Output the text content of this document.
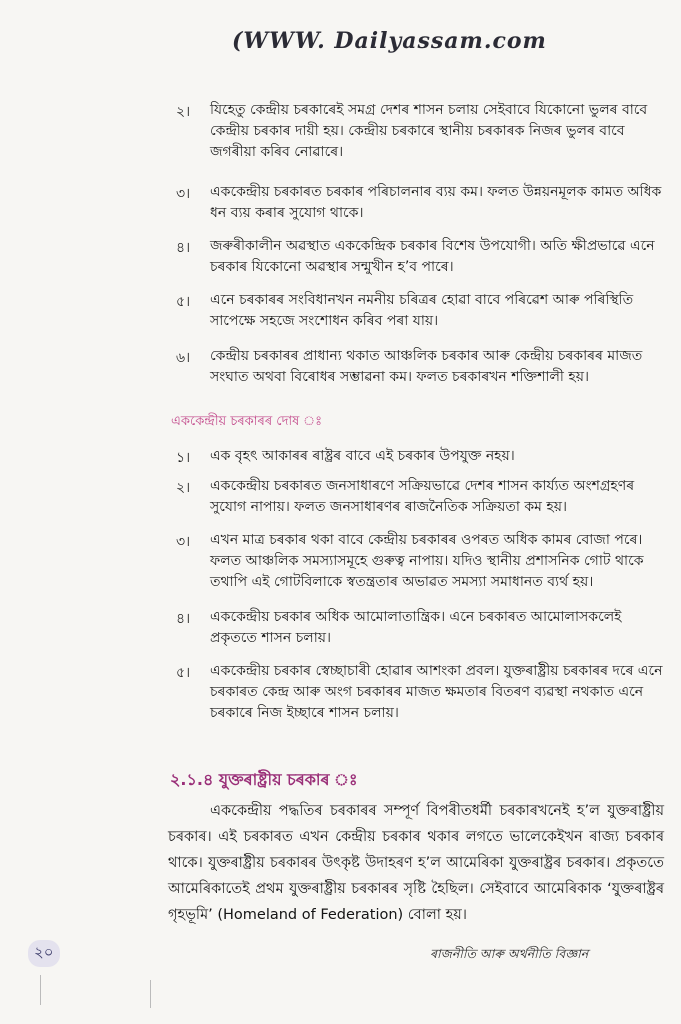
(WWW. Dailyassam.com
২। যিহেতু কেন্দ্ৰীয় চৰকাৰেই সমগ্ৰ দেশৰ শাসন চলায় সেইবাবে যিকোনো ভুলৰ বাবে কেন্দ্ৰীয় চৰকাৰ দায়ী হয়। কেন্দ্ৰীয় চৰকাৰে স্থানীয় চৰকাৰক নিজৰ ভুলৰ বাবে জগৰীয়া কৰিব নোৱাৰে।
৩। এককেন্দ্ৰীয় চৰকাৰত চৰকাৰ পৰিচালনাৰ ব্যয় কম। ফলত উন্নয়নমূলক কামত অধিক ধন ব্যয় কৰাৰ সুযোগ থাকে।
৪। জৰুৰীকালীন অৱস্থাত এককেন্দ্ৰিক চৰকাৰ বিশেষ উপযোগী। অতি ক্ষীপ্ৰভাৱে এনে চৰকাৰ যিকোনো অৱস্থাৰ সন্মুখীন হ’ব পাৰে।
৫। এনে চৰকাৰৰ সংবিধানখন নমনীয় চৰিত্ৰৰ হোৱা বাবে পৰিৱেশ আৰু পৰিস্থিতি সাপেক্ষে সহজে সংশোধন কৰিব পৰা যায়।
৬। কেন্দ্ৰীয় চৰকাৰৰ প্ৰাধান্য থকাত আঞ্চলিক চৰকাৰ আৰু কেন্দ্ৰীয় চৰকাৰৰ মাজত সংঘাত অথবা বিৰোধৰ সম্ভাৱনা কম। ফলত চৰকাৰখন শক্তিশালী হয়।
এককেন্দ্ৰীয় চৰকাৰৰ দোষ ঃ
১। এক বৃহৎ আকাৰৰ ৰাষ্ট্ৰৰ বাবে এই চৰকাৰ উপযুক্ত নহয়।
২। এককেন্দ্ৰীয় চৰকাৰত জনসাধাৰণে সক্ৰিয়ভাৱে দেশৰ শাসন কাৰ্য্যত অংশগ্ৰহণৰ সুযোগ নাপায়। ফলত জনসাধাৰণৰ ৰাজনৈতিক সক্ৰিয়তা কম হয়।
৩। এখন মাত্ৰ চৰকাৰ থকা বাবে কেন্দ্ৰীয় চৰকাৰৰ ওপৰত অধিক কামৰ বোজা পৰে। ফলত আঞ্চলিক সমস্যাসমূহে গুৰুত্ব নাপায়। যদিও স্থানীয় প্ৰশাসনিক গোট থাকে তথাপি এই গোটবিলাকে স্বতন্ত্ৰতাৰ অভাৱত সমস্যা সমাধানত ব্যৰ্থ হয়।
৪। এককেন্দ্ৰীয় চৰকাৰ অধিক আমোলাতান্ত্ৰিক। এনে চৰকাৰত আমোলাসকলেই প্ৰকৃততে শাসন চলায়।
৫। এককেন্দ্ৰীয় চৰকাৰ স্বেচ্ছাচাৰী হোৱাৰ আশংকা প্ৰবল। যুক্তৰাষ্ট্ৰীয় চৰকাৰৰ দৰে এনে চৰকাৰত কেন্দ্ৰ আৰু অংগ চৰকাৰৰ মাজত ক্ষমতাৰ বিতৰণ ব্যৱস্থা নথকাত এনে চৰকাৰে নিজ ইচ্ছাৰে শাসন চলায়।
২.১.৪ যুক্তৰাষ্ট্ৰীয় চৰকাৰ ঃ
এককেন্দ্ৰীয় পদ্ধতিৰ চৰকাৰৰ সম্পূৰ্ণ বিপৰীতধৰ্মী চৰকাৰখনেই হ’ল যুক্তৰাষ্ট্ৰীয় চৰকাৰ। এই চৰকাৰত এখন কেন্দ্ৰীয় চৰকাৰ থকাৰ লগতে ভালেকেইখন ৰাজ্য চৰকাৰ থাকে। যুক্তৰাষ্ট্ৰীয় চৰকাৰৰ উৎকৃষ্ট উদাহৰণ হ’ল আমেৰিকা যুক্তৰাষ্ট্ৰৰ চৰকাৰ। প্ৰকৃততে আমেৰিকাতেই প্ৰথম যুক্তৰাষ্ট্ৰীয় চৰকাৰৰ সৃষ্টি হৈছিল। সেইবাবে আমেৰিকাক ‘যুক্তৰাষ্ট্ৰৰ গৃহভূমি’ (Homeland of Federation) বোলা হয়।
২০	ৰাজনীতি আৰু অৰ্থনীতি বিজ্ঞান
